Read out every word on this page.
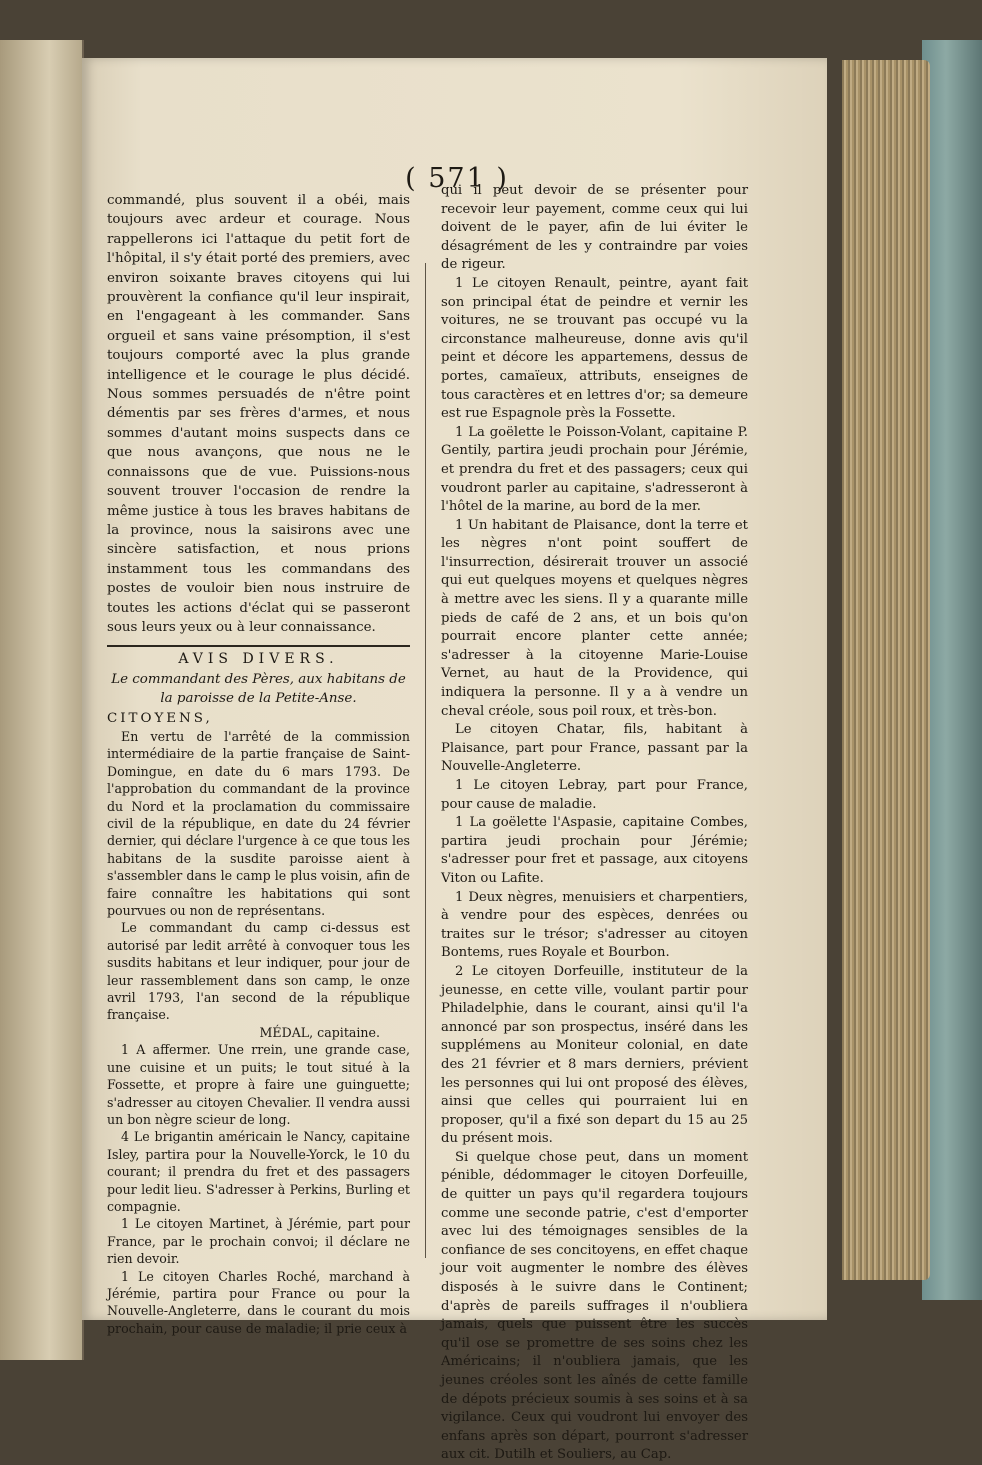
( 571 )

commandé, plus souvent il a obéi, mais toujours avec ardeur et courage. Nous rappellerons ici l'attaque du petit fort de l'hôpital, il s'y était porté des premiers, avec environ soixante braves citoyens qui lui prouvèrent la confiance qu'il leur inspirait, en l'engageant à les commander. Sans orgueil et sans vaine présomption, il s'est toujours comporté avec la plus grande intelligence et le courage le plus décidé. Nous sommes persuadés de n'être point démentis par ses frères d'armes, et nous sommes d'autant moins suspects dans ce que nous avançons, que nous ne le connaissons que de vue. Puissions-nous souvent trouver l'occasion de rendre la même justice à tous les braves habitans de la province, nous la saisirons avec une sincère satisfaction, et nous prions instamment tous les commandans des postes de vouloir bien nous instruire de toutes les actions d'éclat qui se passeront sous leurs yeux ou à leur connaissance.

AVIS DIVERS.

Le commandant des Pères, aux habitans de la paroisse de la Petite-Anse.

CITOYENS,

En vertu de l'arrêté de la commission intermédiaire de la partie française de Saint-Domingue, en date du 6 mars 1793. De l'approbation du commandant de la province du Nord et la proclamation du commissaire civil de la république, en date du 24 février dernier, qui déclare l'urgence à ce que tous les habitans de la susdite paroisse aient à s'assembler dans le camp le plus voisin, afin de faire connaître les habitations qui sont pourvues ou non de représentans.

Le commandant du camp ci-dessus est autorisé par ledit arrêté à convoquer tous les susdits habitans et leur indiquer, pour jour de leur rassemblement dans son camp, le onze avril 1793, l'an second de la république française.

MÉDAL, capitaine.

1 A affermer. Une rrein, une grande case, une cuisine et un puits; le tout situé à la Fossette, et propre à faire une guinguette; s'adresser au citoyen Chevalier. Il vendra aussi un bon nègre scieur de long.

4 Le brigantin américain le Nancy, capitaine Isley, partira pour la Nouvelle-Yorck, le 10 du courant; il prendra du fret et des passagers pour ledit lieu. S'adresser à Perkins, Burling et compagnie.

1 Le citoyen Martinet, à Jérémie, part pour France, par le prochain convoi; il déclare ne rien devoir.

1 Le citoyen Charles Roché, marchand à Jérémie, partira pour France ou pour la Nouvelle-Angleterre, dans le courant du mois prochain, pour cause de maladie; il prie ceux à

qui il peut devoir de se présenter pour recevoir leur payement, comme ceux qui lui doivent de le payer, afin de lui éviter le désagrément de les y contraindre par voies de rigeur.

1 Le citoyen Renault, peintre, ayant fait son principal état de peindre et vernir les voitures, ne se trouvant pas occupé vu la circonstance malheureuse, donne avis qu'il peint et décore les appartemens, dessus de portes, camaïeux, attributs, enseignes de tous caractères et en lettres d'or; sa demeure est rue Espagnole près la Fossette.

1 La goëlette le Poisson-Volant, capitaine P. Gentily, partira jeudi prochain pour Jérémie, et prendra du fret et des passagers; ceux qui voudront parler au capitaine, s'adresseront à l'hôtel de la marine, au bord de la mer.

1 Un habitant de Plaisance, dont la terre et les nègres n'ont point souffert de l'insurrection, désirerait trouver un associé qui eut quelques moyens et quelques nègres à mettre avec les siens. Il y a quarante mille pieds de café de 2 ans, et un bois qu'on pourrait encore planter cette année; s'adresser à la citoyenne Marie-Louise Vernet, au haut de la Providence, qui indiquera la personne. Il y a à vendre un cheval créole, sous poil roux, et très-bon.

Le citoyen Chatar, fils, habitant à Plaisance, part pour France, passant par la Nouvelle-Angleterre.

1 Le citoyen Lebray, part pour France, pour cause de maladie.

1 La goëlette l'Aspasie, capitaine Combes, partira jeudi prochain pour Jérémie; s'adresser pour fret et passage, aux citoyens Viton ou Lafite.

1 Deux nègres, menuisiers et charpentiers, à vendre pour des espèces, denrées ou traites sur le trésor; s'adresser au citoyen Bontems, rues Royale et Bourbon.

2 Le citoyen Dorfeuille, instituteur de la jeunesse, en cette ville, voulant partir pour Philadelphie, dans le courant, ainsi qu'il l'a annoncé par son prospectus, inséré dans les supplémens au Moniteur colonial, en date des 21 février et 8 mars derniers, prévient les personnes qui lui ont proposé des élèves, ainsi que celles qui pourraient lui en proposer, qu'il a fixé son depart du 15 au 25 du présent mois.

Si quelque chose peut, dans un moment pénible, dédommager le citoyen Dorfeuille, de quitter un pays qu'il regardera toujours comme une seconde patrie, c'est d'emporter avec lui des témoignages sensibles de la confiance de ses concitoyens, en effet chaque jour voit augmenter le nombre des élèves disposés à le suivre dans le Continent; d'après de pareils suffrages il n'oubliera jamais, quels que puissent être les succès qu'il ose se promettre de ses soins chez les Américains; il n'oubliera jamais, que les jeunes créoles sont les aînés de cette famille de dépots précieux soumis à ses soins et à sa vigilance. Ceux qui voudront lui envoyer des enfans après son départ, pourront s'adresser aux cit. Dutilh et Souliers, au Cap.
